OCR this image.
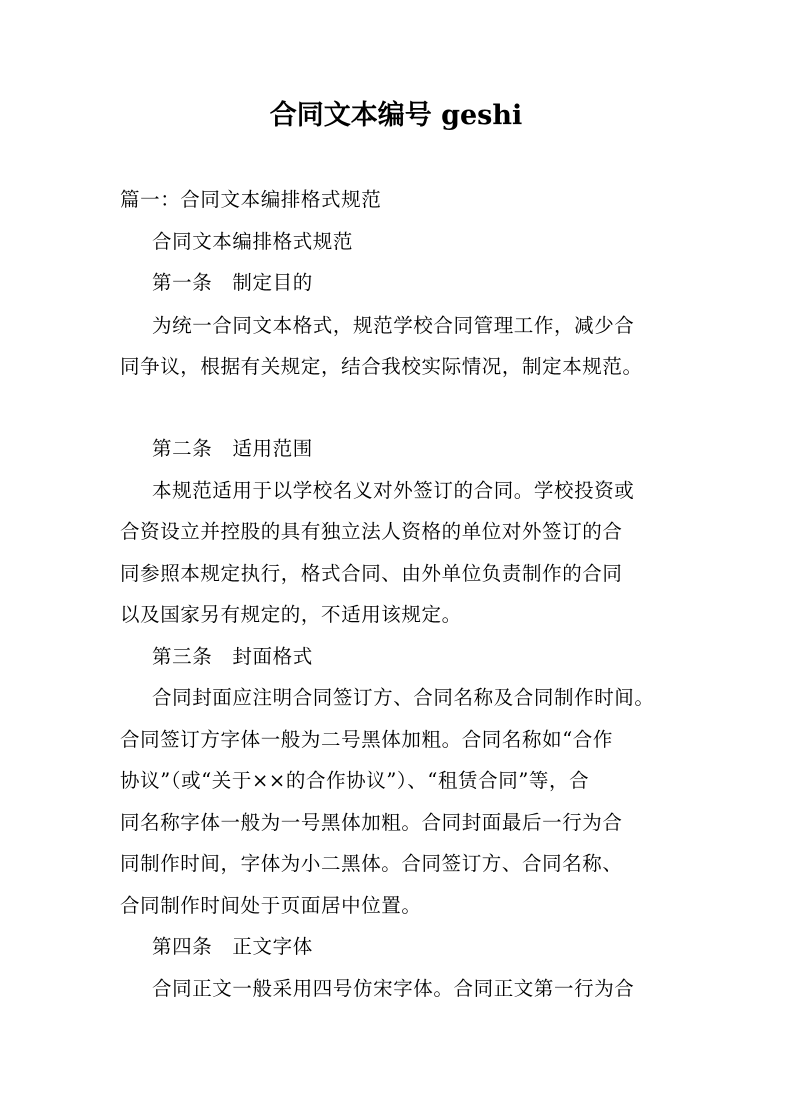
合同文本编号 geshi
篇一：合同文本编排格式规范
合同文本编排格式规范
第一条　制定目的
为统一合同文本格式，规范学校合同管理工作，减少合
同争议，根据有关规定，结合我校实际情况，制定本规范。
第二条　适用范围
本规范适用于以学校名义对外签订的合同。学校投资或
合资设立并控股的具有独立法人资格的单位对外签订的合
同参照本规定执行，格式合同、由外单位负责制作的合同
以及国家另有规定的，不适用该规定。
第三条　封面格式
合同封面应注明合同签订方、合同名称及合同制作时间。
合同签订方字体一般为二号黑体加粗。合同名称如“合作
协议”（或“关于××的合作协议”）、“租赁合同”等，合
同名称字体一般为一号黑体加粗。合同封面最后一行为合
同制作时间，字体为小二黑体。合同签订方、合同名称、
合同制作时间处于页面居中位置。
第四条　正文字体
合同正文一般采用四号仿宋字体。合同正文第一行为合
